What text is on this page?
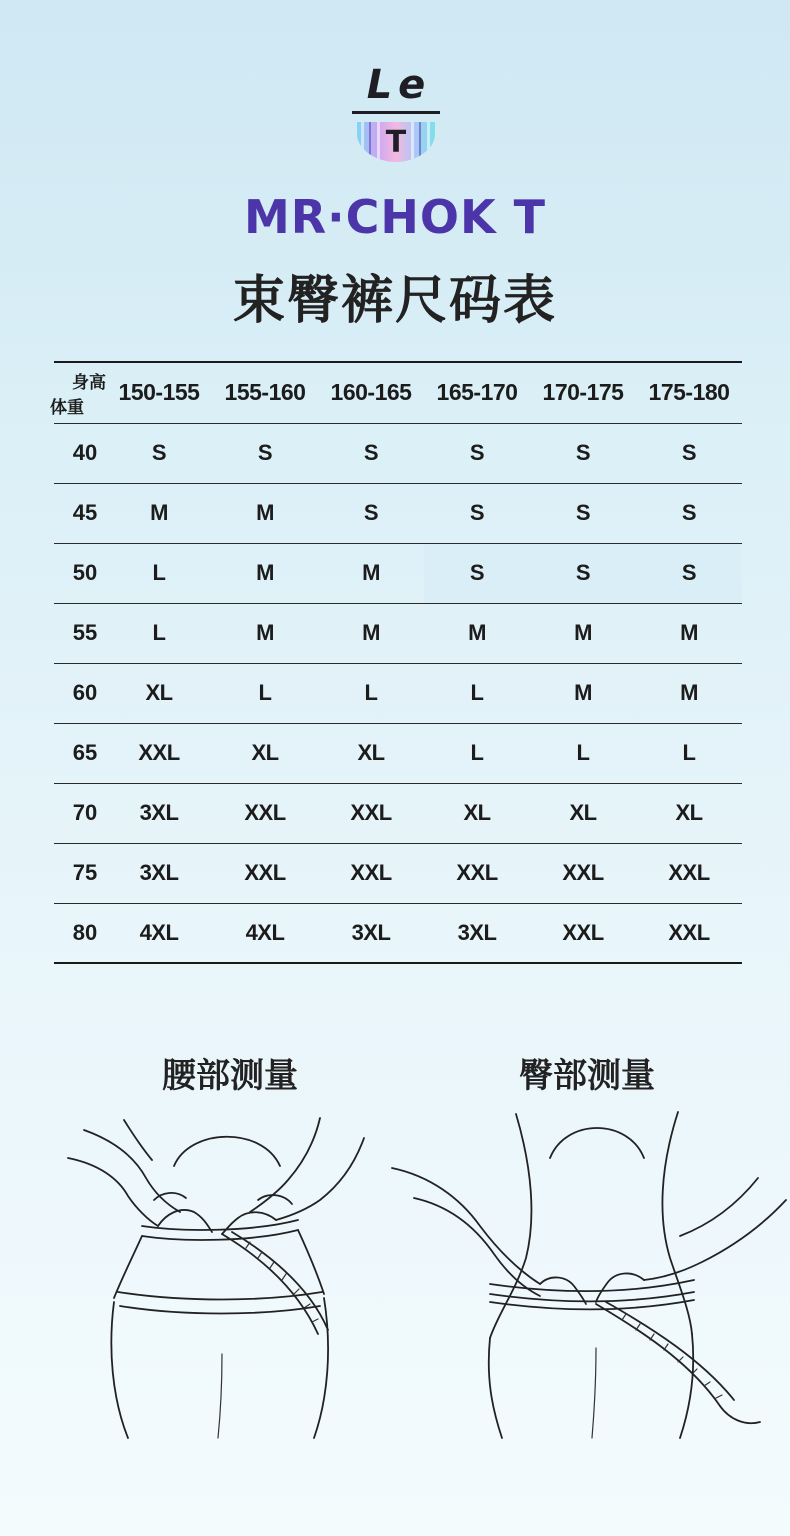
Le
T
MR·CHOK T
束臀裤尺码表
身高
体重	150-155	155-160	160-165	165-170	170-175	175-180
40	S	S	S	S	S	S
45	M	M	S	S	S	S
50	L	M	M	S	S	S
55	L	M	M	M	M	M
60	XL	L	L	L	M	M
65	XXL	XL	XL	L	L	L
70	3XL	XXL	XXL	XL	XL	XL
75	3XL	XXL	XXL	XXL	XXL	XXL
80	4XL	4XL	3XL	3XL	XXL	XXL
腰部测量	臀部测量
